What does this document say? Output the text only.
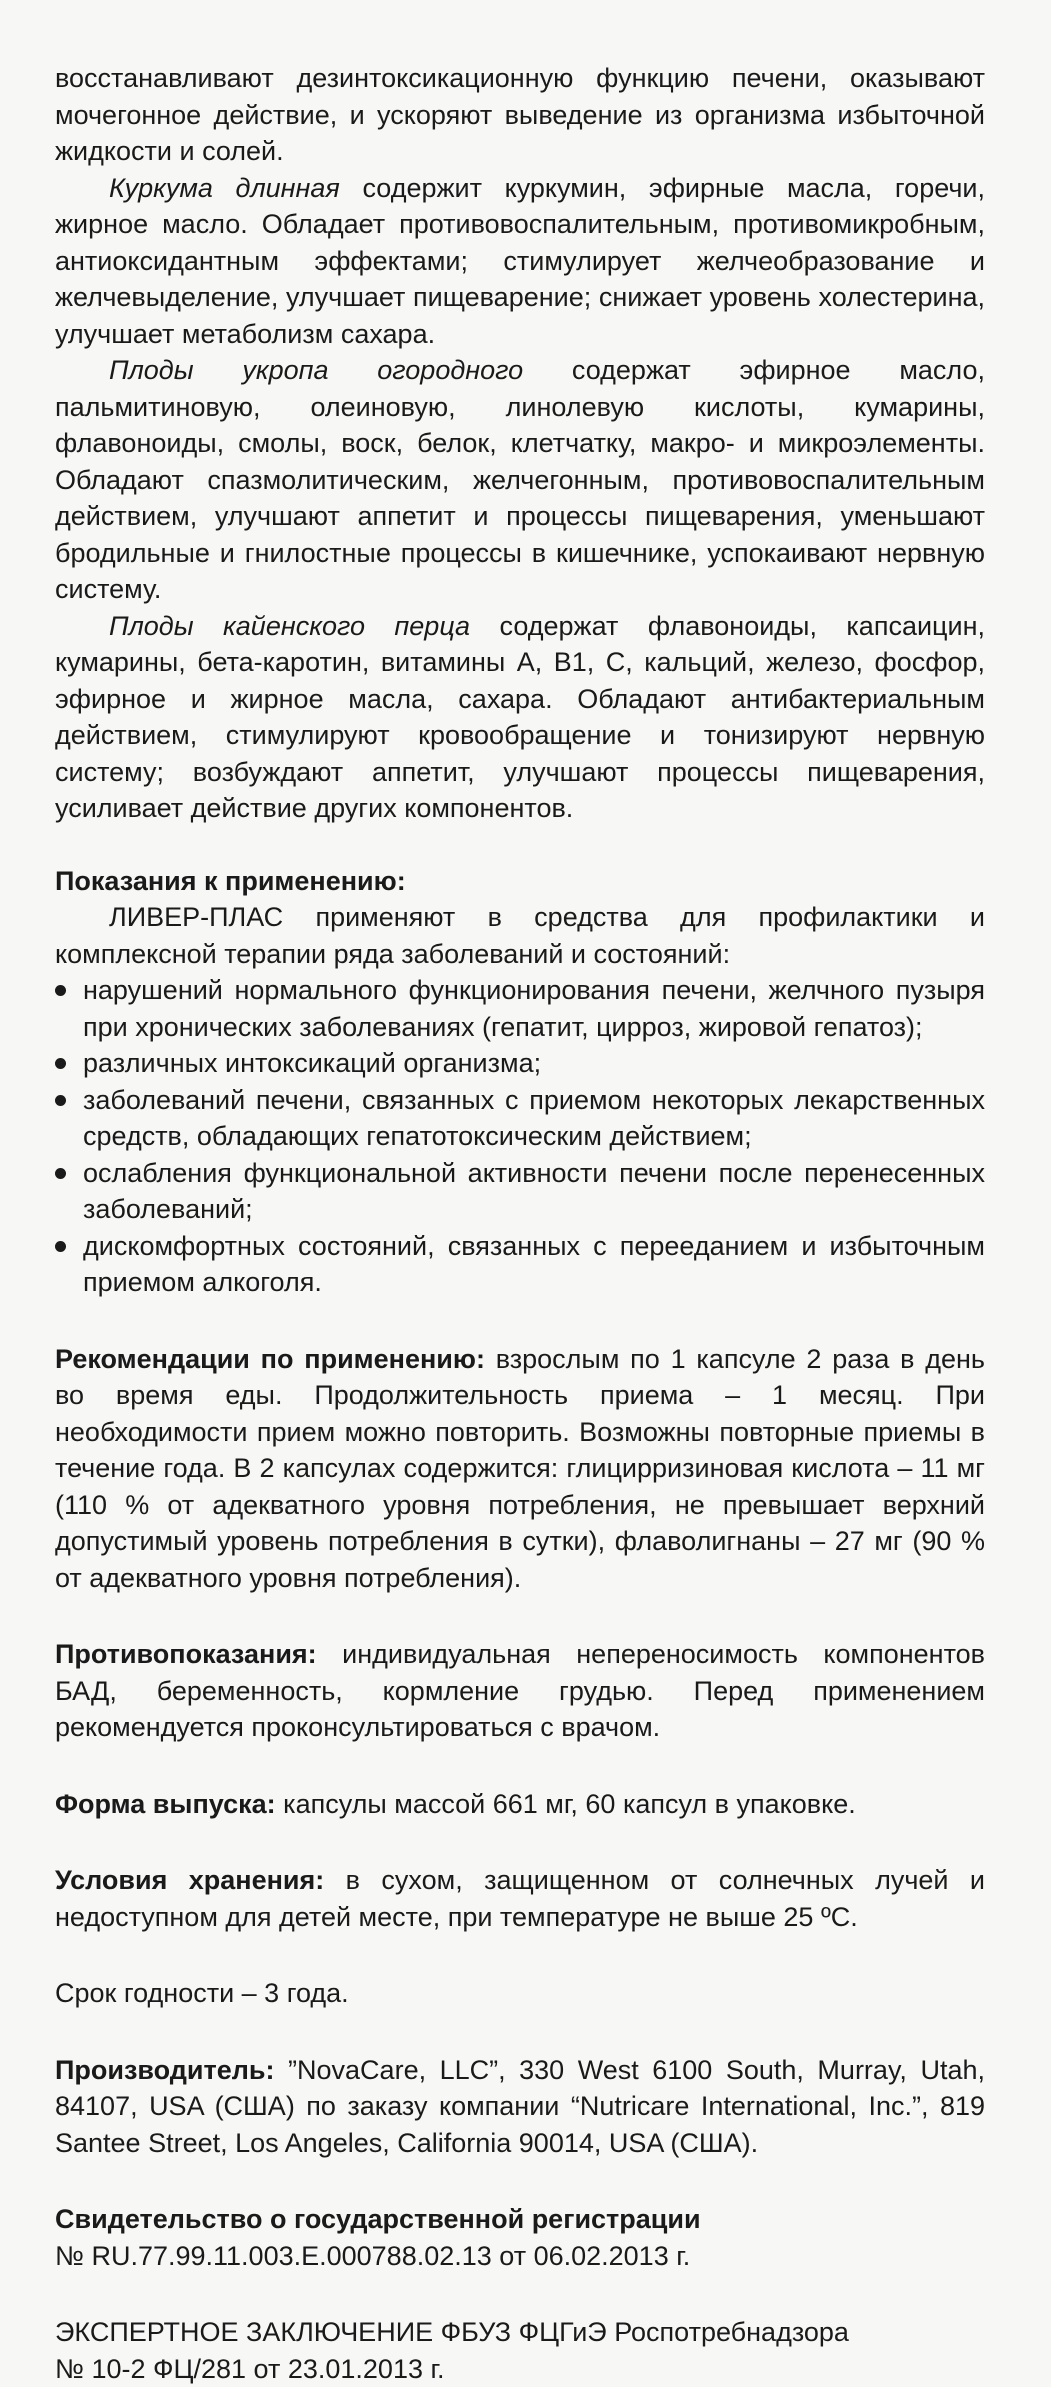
восстанавливают дезинтоксикационную функцию печени, оказывают мочегонное действие, и ускоряют выведение из организма избыточной жидкости и солей.

Куркума длинная содержит куркумин, эфирные масла, горечи, жирное масло. Обладает противовоспалительным, противомикробным, антиоксидантным эффектами; стимулирует желчеобразование и желчевыделение, улучшает пищеварение; снижает уровень холестерина, улучшает метаболизм сахара.

Плоды укропа огородного содержат эфирное масло, пальмитиновую, олеиновую, линолевую кислоты, кумарины, флавоноиды, смолы, воск, белок, клетчатку, макро- и микроэлементы. Обладают спазмолитическим, желчегонным, противовоспалительным действием, улучшают аппетит и процессы пищеварения, уменьшают бродильные и гнилостные процессы в кишечнике, успокаивают нервную систему.

Плоды кайенского перца содержат флавоноиды, капсаицин, кумарины, бета-каротин, витамины А, В1, С, кальций, железо, фосфор, эфирное и жирное масла, сахара. Обладают антибактериальным действием, стимулируют кровообращение и тонизируют нервную систему; возбуждают аппетит, улучшают процессы пищеварения, усиливает действие других компонентов.

Показания к применению:

ЛИВЕР-ПЛАС применяют в средства для профилактики и комплексной терапии ряда заболеваний и состояний:

нарушений нормального функционирования печени, желчного пузыря при хронических заболеваниях (гепатит, цирроз, жировой гепатоз);
различных интоксикаций организма;
заболеваний печени, связанных с приемом некоторых лекарственных средств, обладающих гепатотоксическим действием;
ослабления функциональной активности печени после перенесенных заболеваний;
дискомфортных состояний, связанных с перееданием и избыточным приемом алкоголя.

Рекомендации по применению: взрослым по 1 капсуле 2 раза в день во время еды. Продолжительность приема – 1 месяц. При необходимости прием можно повторить. Возможны повторные приемы в течение года. В 2 капсулах содержится: глицирризиновая кислота – 11 мг (110 % от адекватного уровня потребления, не превышает верхний допустимый уровень потребления в сутки), флаволигнаны – 27 мг (90 % от адекватного уровня потребления).

Противопоказания: индивидуальная непереносимость компонентов БАД, беременность, кормление грудью. Перед применением рекомендуется проконсультироваться с врачом.

Форма выпуска: капсулы массой 661 мг, 60 капсул в упаковке.

Условия хранения: в сухом, защищенном от солнечных лучей и недоступном для детей месте, при температуре не выше 25 ºС.

Срок годности – 3 года.

Производитель: ”NovaCare, LLC”, 330 West 6100 South, Murray, Utah, 84107, USA (США) по заказу компании “Nutricare International, Inc.”, 819 Santee Street, Los Angeles, California 90014, USA (США).

Свидетельство о государственной регистрации

№ RU.77.99.11.003.Е.000788.02.13 от 06.02.2013 г.

ЭКСПЕРТНОЕ ЗАКЛЮЧЕНИЕ ФБУЗ ФЦГиЭ Роспотребнадзора

№ 10-2 ФЦ/281 от 23.01.2013 г.
